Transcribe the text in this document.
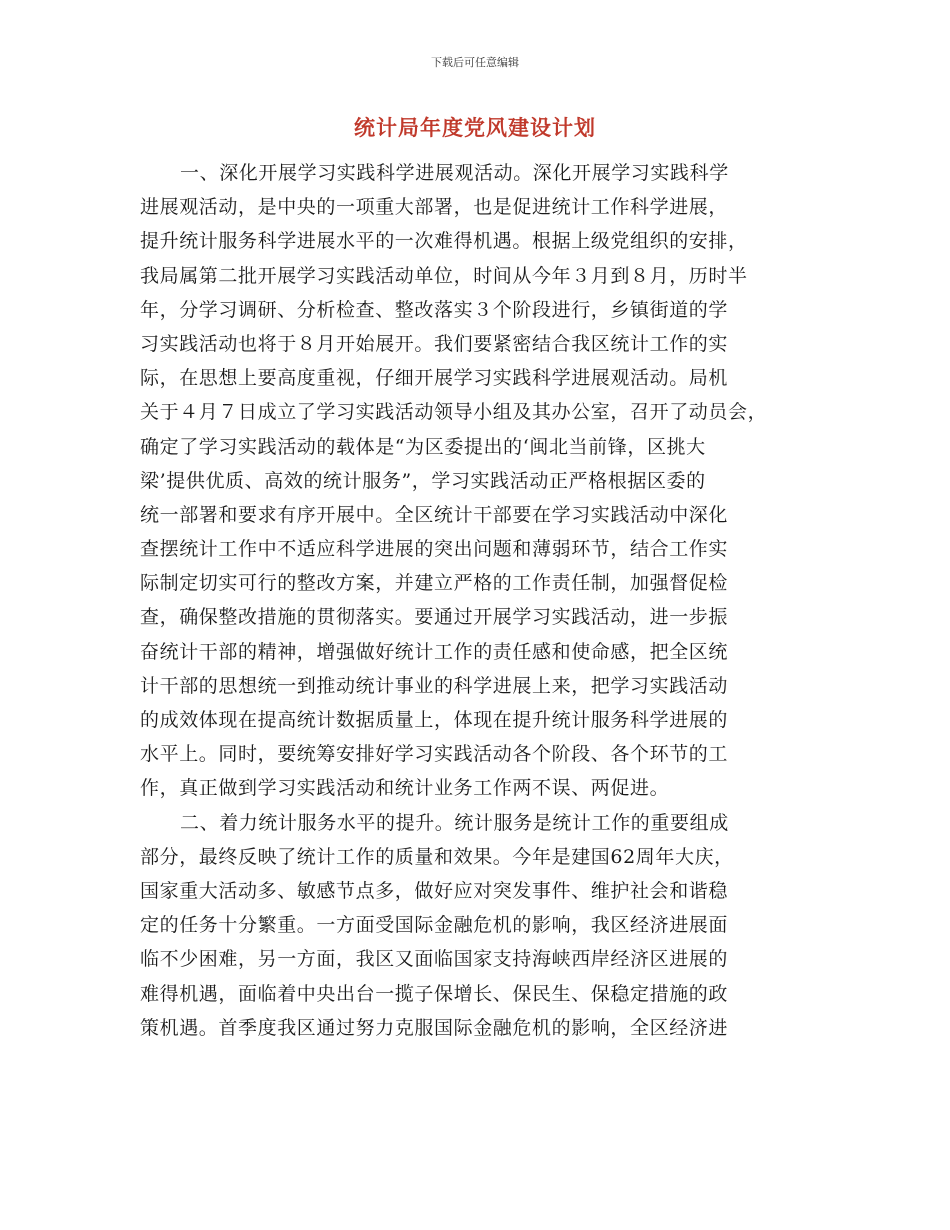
下载后可任意编辑
统计局年度党风建设计划
一、深化开展学习实践科学进展观活动。深化开展学习实践科学
进展观活动，是中央的一项重大部署，也是促进统计工作科学进展，
提升统计服务科学进展水平的一次难得机遇。根据上级党组织的安排，
我局属第二批开展学习实践活动单位，时间从今年３月到８月，历时半
年，分学习调研、分析检查、整改落实３个阶段进行，乡镇街道的学
习实践活动也将于８月开始展开。我们要紧密结合我区统计工作的实
际，在思想上要高度重视，仔细开展学习实践科学进展观活动。局机
关于４月７日成立了学习实践活动领导小组及其办公室，召开了动员会，
确定了学习实践活动的载体是“为区委提出的‘闽北当前锋，区挑大
梁’提供优质、高效的统计服务”，学习实践活动正严格根据区委的
统一部署和要求有序开展中。全区统计干部要在学习实践活动中深化
查摆统计工作中不适应科学进展的突出问题和薄弱环节，结合工作实
际制定切实可行的整改方案，并建立严格的工作责任制，加强督促检
查，确保整改措施的贯彻落实。要通过开展学习实践活动，进一步振
奋统计干部的精神，增强做好统计工作的责任感和使命感，把全区统
计干部的思想统一到推动统计事业的科学进展上来，把学习实践活动
的成效体现在提高统计数据质量上，体现在提升统计服务科学进展的
水平上。同时，要统筹安排好学习实践活动各个阶段、各个环节的工
作，真正做到学习实践活动和统计业务工作两不误、两促进。
二、着力统计服务水平的提升。统计服务是统计工作的重要组成
部分，最终反映了统计工作的质量和效果。今年是建国62周年大庆，
国家重大活动多、敏感节点多，做好应对突发事件、维护社会和谐稳
定的任务十分繁重。一方面受国际金融危机的影响，我区经济进展面
临不少困难，另一方面，我区又面临国家支持海峡西岸经济区进展的
难得机遇，面临着中央出台一揽子保增长、保民生、保稳定措施的政
策机遇。首季度我区通过努力克服国际金融危机的影响，全区经济进
